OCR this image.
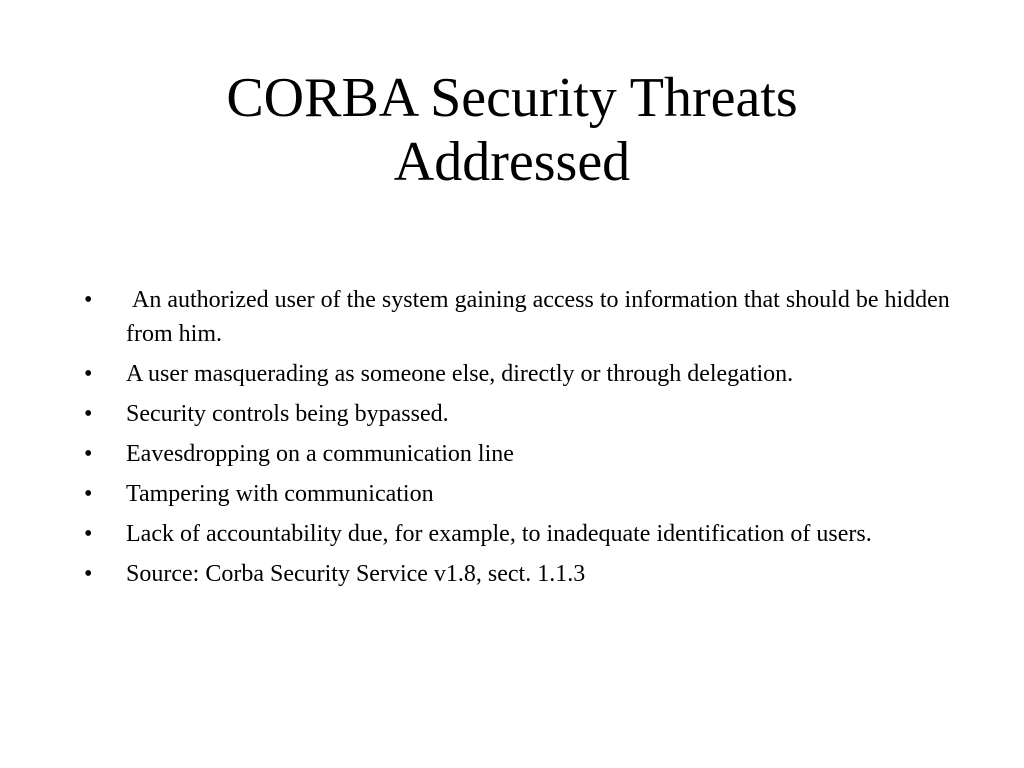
CORBA Security Threats Addressed
•	An authorized user of the system gaining access to information that should be hidden from him.
•	A user masquerading as someone else, directly or through delegation.
•	Security controls being bypassed.
•	Eavesdropping on a communication line
•	Tampering with communication
•	Lack of accountability due, for example, to inadequate identification of users.
•	Source: Corba Security Service v1.8, sect. 1.1.3
